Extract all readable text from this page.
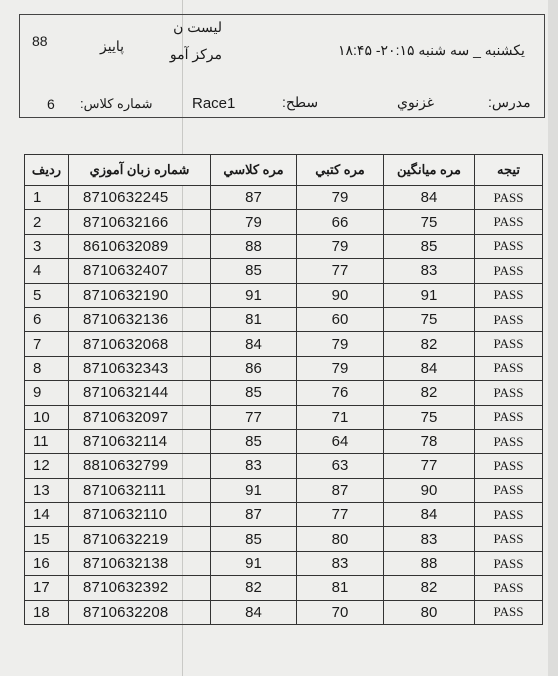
لیست ن
مرکز آمو
88	پاییز	یکشنبه _ سه شنبه ۲۰:۱۵- ۱۸:۴۵
6 شماره کلاس:	Race1	سطح:	غزنوي	مدرس:
ردیف	شماره زبان آموزي	مره کلاسي	مره کتبي	مره میانگین	تیجه
1	8710632245	87	79	84	PASS
2	8710632166	79	66	75	PASS
3	8610632089	88	79	85	PASS
4	8710632407	85	77	83	PASS
5	8710632190	91	90	91	PASS
6	8710632136	81	60	75	PASS
7	8710632068	84	79	82	PASS
8	8710632343	86	79	84	PASS
9	8710632144	85	76	82	PASS
10	8710632097	77	71	75	PASS
11	8710632114	85	64	78	PASS
12	8810632799	83	63	77	PASS
13	8710632111	91	87	90	PASS
14	8710632110	87	77	84	PASS
15	8710632219	85	80	83	PASS
16	8710632138	91	83	88	PASS
17	8710632392	82	81	82	PASS
18	8710632208	84	70	80	PASS
